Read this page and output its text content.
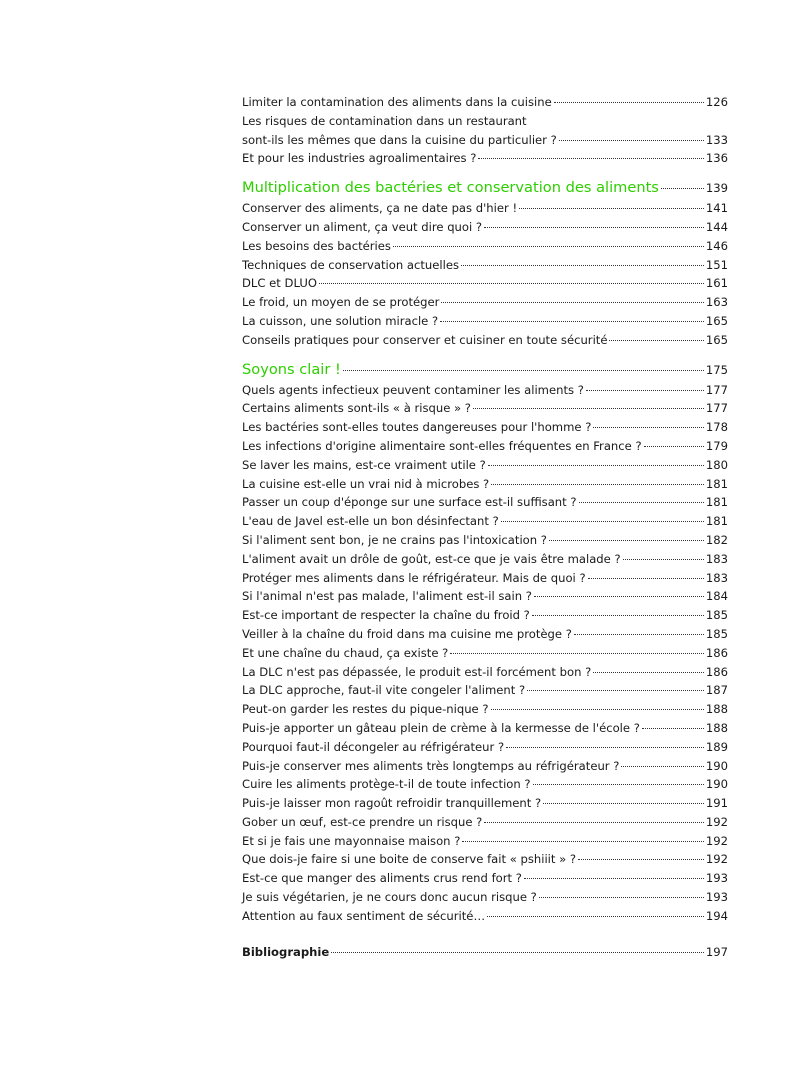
Limiter la contamination des aliments dans la cuisine	126
Les risques de contamination dans un restaurant
sont-ils les mêmes que dans la cuisine du particulier ?	133
Et pour les industries agroalimentaires ?	136
Multiplication des bactéries et conservation des aliments	139
Conserver des aliments, ça ne date pas d'hier !	141
Conserver un aliment, ça veut dire quoi ?	144
Les besoins des bactéries	146
Techniques de conservation actuelles	151
DLC et DLUO	161
Le froid, un moyen de se protéger	163
La cuisson, une solution miracle ?	165
Conseils pratiques pour conserver et cuisiner en toute sécurité	165
Soyons clair !	175
Quels agents infectieux peuvent contaminer les aliments ?	177
Certains aliments sont-ils « à risque » ?	177
Les bactéries sont-elles toutes dangereuses pour l'homme ?	178
Les infections d'origine alimentaire sont-elles fréquentes en France ?	179
Se laver les mains, est-ce vraiment utile ?	180
La cuisine est-elle un vrai nid à microbes ?	181
Passer un coup d'éponge sur une surface est-il suffisant ?	181
L'eau de Javel est-elle un bon désinfectant ?	181
Si l'aliment sent bon, je ne crains pas l'intoxication ?	182
L'aliment avait un drôle de goût, est-ce que je vais être malade ?	183
Protéger mes aliments dans le réfrigérateur. Mais de quoi ?	183
Si l'animal n'est pas malade, l'aliment est-il sain ?	184
Est-ce important de respecter la chaîne du froid ?	185
Veiller à la chaîne du froid dans ma cuisine me protège ?	185
Et une chaîne du chaud, ça existe ?	186
La DLC n'est pas dépassée, le produit est-il forcément bon ?	186
La DLC approche, faut-il vite congeler l'aliment ?	187
Peut-on garder les restes du pique-nique ?	188
Puis-je apporter un gâteau plein de crème à la kermesse de l'école ?	188
Pourquoi faut-il décongeler au réfrigérateur ?	189
Puis-je conserver mes aliments très longtemps au réfrigérateur ?	190
Cuire les aliments protège-t-il de toute infection ?	190
Puis-je laisser mon ragoût refroidir tranquillement ?	191
Gober un œuf, est-ce prendre un risque ?	192
Et si je fais une mayonnaise maison ?	192
Que dois-je faire si une boite de conserve fait « pshiiit » ?	192
Est-ce que manger des aliments crus rend fort ?	193
Je suis végétarien, je ne cours donc aucun risque ?	193
Attention au faux sentiment de sécurité…	194
Bibliographie	197
